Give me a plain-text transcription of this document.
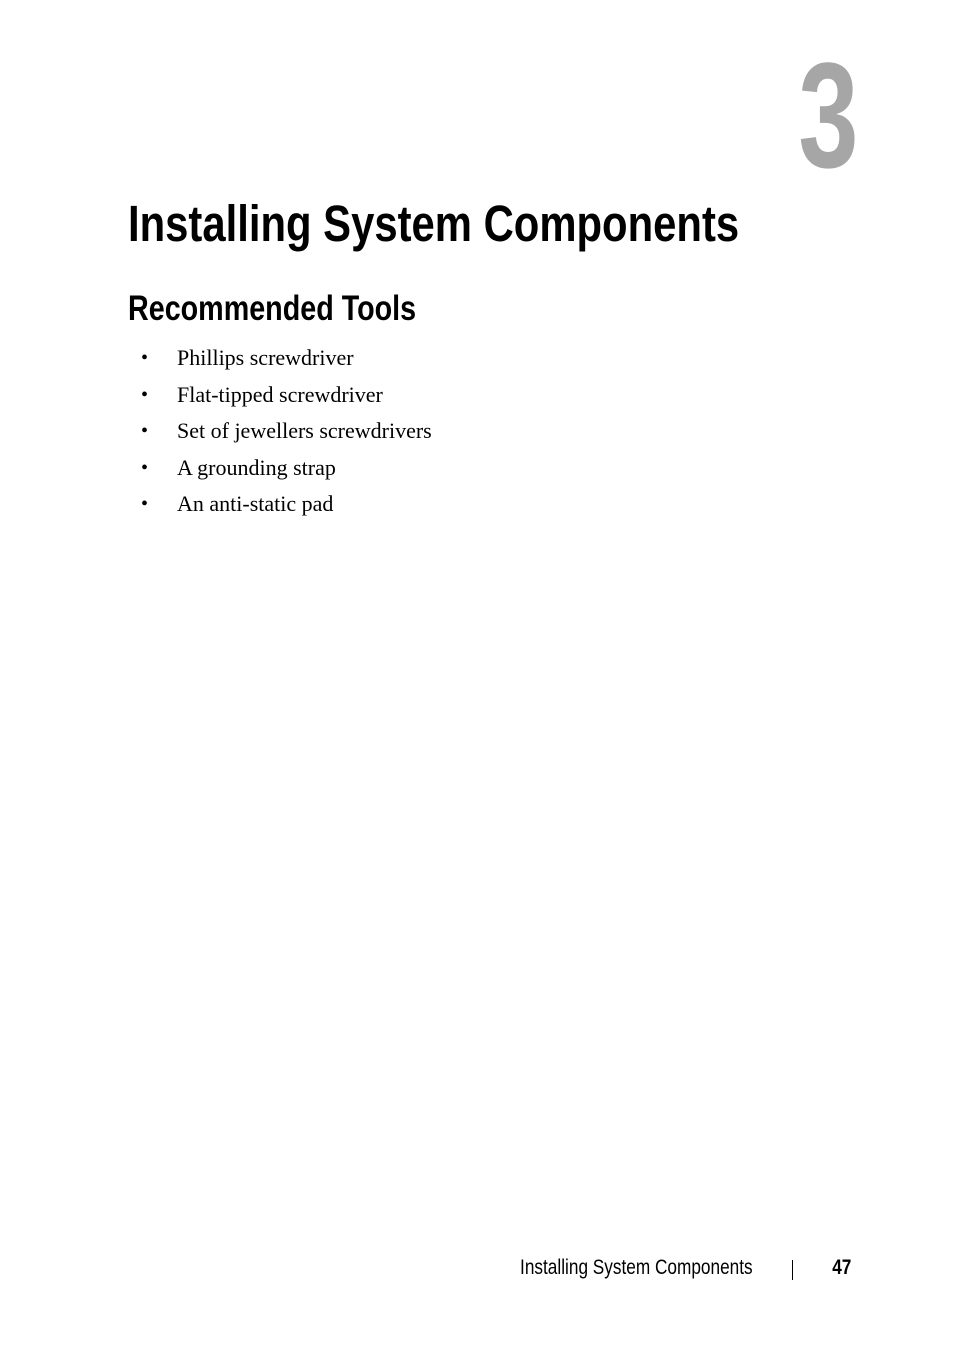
3
Installing System Components
Recommended Tools
• Phillips screwdriver
• Flat-tipped screwdriver
• Set of jewellers screwdrivers
• A grounding strap
• An anti-static pad
Installing System Components	47
